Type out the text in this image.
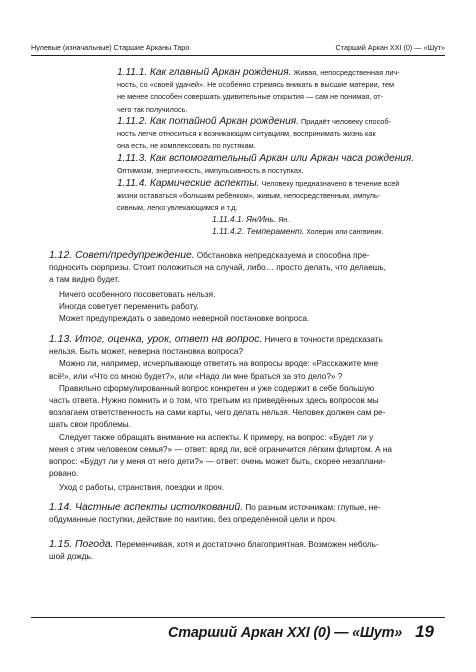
Нулевые (изначальные) Старшие Арканы Таро	Старший Аркан XXI (0) — «Шут»
1.11.1. Как главный Аркан рождения. Живая, непосредственная лич-
ность, со «своей удачей». Не особенно стремясь вникать в высшие материи, тем
не менее способен совершать удивительные открытия — сам не понимая, от-
чего так получилось.
1.11.2. Как потайной Аркан рождения. Придаёт человеку способ-
ность легче относиться к возникающим ситуациям, воспринимать жизнь как
она есть, не комплексовать по пустякам.
1.11.3. Как вспомогательный Аркан или Аркан часа рождения.
Оптимизм, энергичность, импульсивность в поступках.
1.11.4. Кармические аспекты. Человеку предназначено в течение всей
жизни оставаться «большим ребёнком», живым, непосредственным, импуль-
сивным, легко увлекающимся и т.д.
1.11.4.1. Ян/Инь. Ян.
1.11.4.2. Темперамент. Холерик или сангвиник.
1.12. Совет/предупреждение. Обстановка непредсказуема и способна пре-
подносить сюрпризы. Стоит положиться на случай, либо… просто делать, что делаешь,
а там видно будет.
Ничего особенного посоветовать нельзя.
Иногда советует переменить работу.
Может предупреждать о заведомо неверной постановке вопроса.
1.13. Итог, оценка, урок, ответ на вопрос. Ничего в точности предсказать
нельзя. Быть может, неверна постановка вопроса?
Можно ли, например, исчерпывающе ответить на вопросы вроде: «Расскажите мне
всё!», или «Что со мною будет?», или «Надо ли мне браться за это дело?» ?
Правильно сформулированный вопрос конкретен и уже содержит в себе большую
часть ответа. Нужно помнить и о том, что третьим из приведённых здесь вопросов мы
возлагаем ответственность на сами карты, чего делать нельзя. Человек должен сам ре-
шать свои проблемы.
Следует также обращать внимание на аспекты. К примеру, на вопрос: «Будет ли у
меня с этим человеком семья?» — ответ: вряд ли, всё ограничится лёгким флиртом. А на
вопрос: «Будут ли у меня от него дети?» — ответ: очень может быть, скорее незаплани-
ровано.
Уход с работы, странствия, поездки и проч.
1.14. Частные аспекты истолкований. По разным источникам: глупые, не-
обдуманные поступки, действие по наитию, без определённой цели и проч.
1.15. Погода. Переменчивая, хотя и достаточно благоприятная. Возможен неболь-
шой дождь.
Старший Аркан XXI (0) — «Шут» 19
